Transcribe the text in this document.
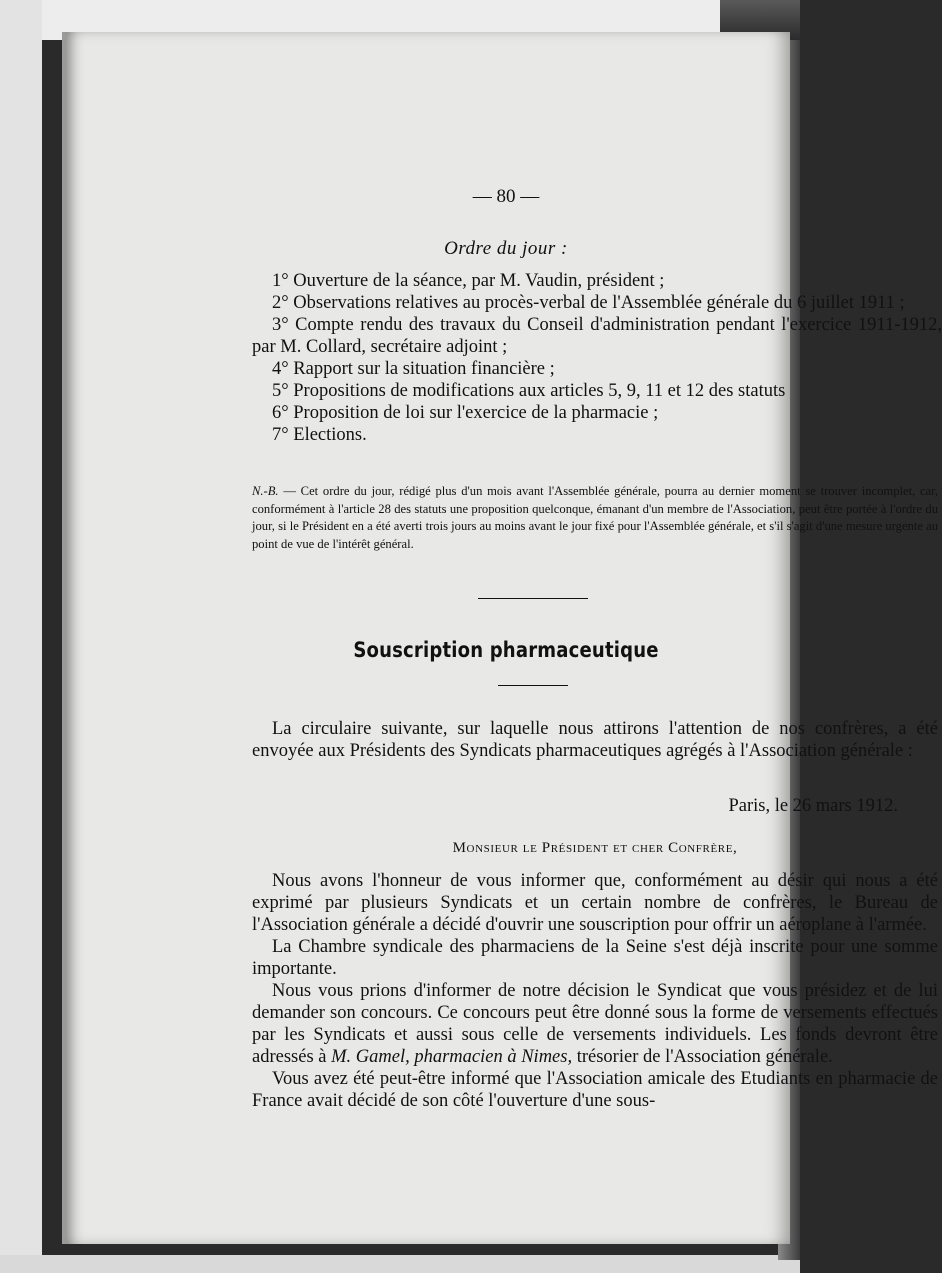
— 80 —
Ordre du jour :

1° Ouverture de la séance, par M. Vaudin, président ;

2° Observations relatives au procès-verbal de l'Assemblée générale du 6 juillet 1911 ;

3° Compte rendu des travaux du Conseil d'administration pendant l'exercice 1911-1912, par M. Collard, secrétaire adjoint ;

4° Rapport sur la situation financière ;

5° Propositions de modifications aux articles 5, 9, 11 et 12 des statuts

6° Proposition de loi sur l'exercice de la pharmacie ;

7° Elections.

N.-B. — Cet ordre du jour, rédigé plus d'un mois avant l'Assemblée générale, pourra au dernier moment se trouver incomplet, car, conformément à l'article 28 des statuts une proposition quelconque, émanant d'un membre de l'Association, peut être portée à l'ordre du jour, si le Président en a été averti trois jours au moins avant le jour fixé pour l'Assemblée générale, et s'il s'agit d'une mesure urgente au point de vue de l'intérêt général.
Souscription pharmaceutique

La circulaire suivante, sur laquelle nous attirons l'attention de nos confrères, a été envoyée aux Présidents des Syndicats pharmaceutiques agrégés à l'Association générale :

Paris, le 26 mars 1912.
Monsieur le Président et cher Confrère,

Nous avons l'honneur de vous informer que, conformément au désir qui nous a été exprimé par plusieurs Syndicats et un certain nombre de confrères, le Bureau de l'Association générale a décidé d'ouvrir une souscription pour offrir un aéroplane à l'armée.

La Chambre syndicale des pharmaciens de la Seine s'est déjà inscrite pour une somme importante.

Nous vous prions d'informer de notre décision le Syndicat que vous présidez et de lui demander son concours. Ce concours peut être donné sous la forme de versements effectués par les Syndicats et aussi sous celle de versements individuels. Les fonds devront être adressés à M. Gamel, pharmacien à Nimes, trésorier de l'Association générale.

Vous avez été peut-être informé que l'Association amicale des Etudiants en pharmacie de France avait décidé de son côté l'ouverture d'une sous-
